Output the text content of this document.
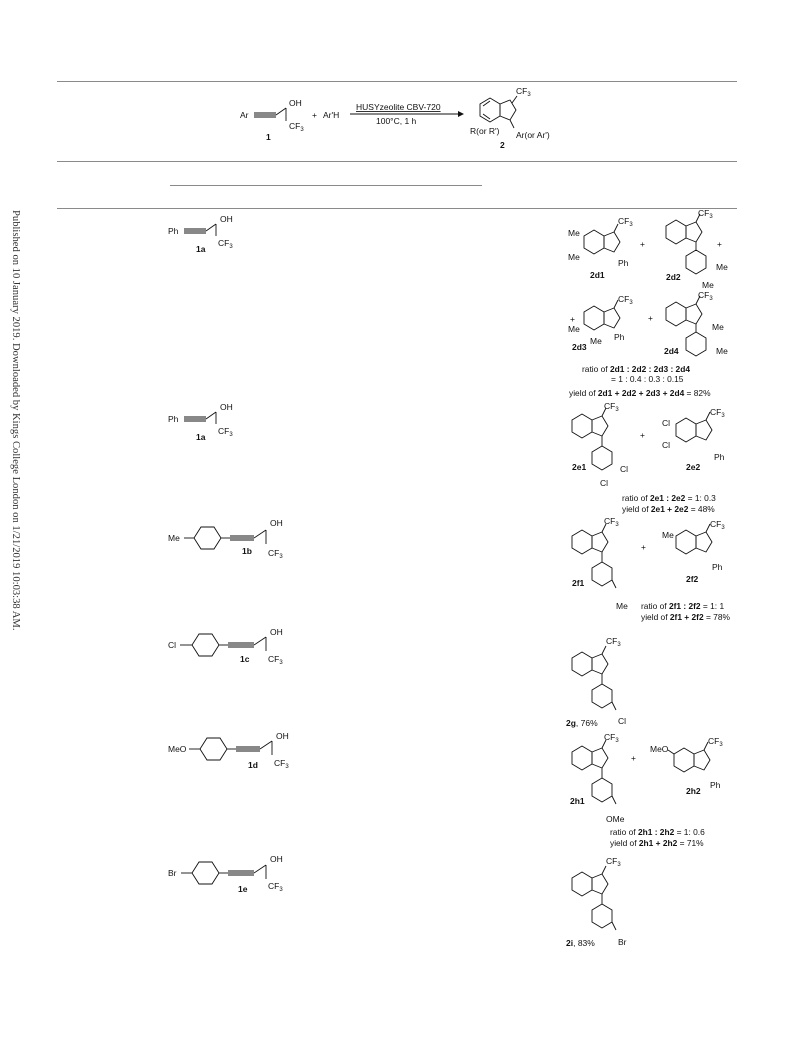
Published on 10 January 2019. Downloaded by Kings College London on 1/21/2019 10:03:38 AM.
Ar
OH
$CF_3$
1
+ Ar'H
HUSYzeolite CBV-720
100°C, 1 h
$CF_3$
R(or R') Ar(or Ar')
2
Ph
OH
$CF_3$
1a
Ph
OH
$CF_3$
1a
Me
OH
$CF_3$
1b
Cl
OH
$CF_3$
1c
MeO
OH
$CF_3$
1d
Br
OH
$CF_3$
1e
Me
Me
$CF_3$
Ph
2d1
+
$CF_3$
Me
Me
2d2
+
+
Me
$CF_3$
Me Ph
2d3
+
$CF_3$
Me
Me
2d4
ratio of 2d1 : 2d2 : 2d3 : 2d4
= 1 : 0.4 : 0.3 : 0.15
yield of 2d1 + 2d2 + 2d3 + 2d4 = 82%
$CF_3$
Cl
Cl
2e1
+
Cl
Cl
$CF_3$
Ph
2e2
ratio of 2e1 : 2e2 = 1: 0.3
yield of 2e1 + 2e2 = 48%
$CF_3$
Me
2f1
+
Me
$CF_3$
Ph
2f2
ratio of 2f1 : 2f2 = 1: 1
yield of 2f1 + 2f2 = 78%
$CF_3$
Cl
2g, 76%
$CF_3$
OMe
2h1
+
MeO
$CF_3$
Ph
2h2
ratio of 2h1 : 2h2 = 1: 0.6
yield of 2h1 + 2h2 = 71%
$CF_3$
Br
2i, 83%
